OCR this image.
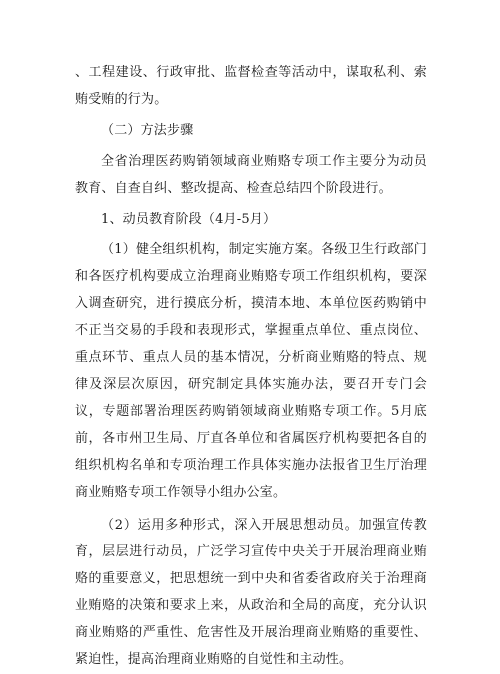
、工程建设、行政审批、监督检查等活动中，谋取私利、索贿受贿的行为。

（二）方法步骤

全省治理医药购销领域商业贿赂专项工作主要分为动员教育、自查自纠、整改提高、检查总结四个阶段进行。

1、动员教育阶段（4月-5月）

（1）健全组织机构，制定实施方案。各级卫生行政部门和各医疗机构要成立治理商业贿赂专项工作组织机构，要深入调查研究，进行摸底分析，摸清本地、本单位医药购销中不正当交易的手段和表现形式，掌握重点单位、重点岗位、重点环节、重点人员的基本情况，分析商业贿赂的特点、规律及深层次原因，研究制定具体实施办法，要召开专门会议，专题部署治理医药购销领域商业贿赂专项工作。5月底前，各市州卫生局、厅直各单位和省属医疗机构要把各自的组织机构名单和专项治理工作具体实施办法报省卫生厅治理商业贿赂专项工作领导小组办公室。

（2）运用多种形式，深入开展思想动员。加强宣传教育，层层进行动员，广泛学习宣传中央关于开展治理商业贿赂的重要意义，把思想统一到中央和省委省政府关于治理商业贿赂的决策和要求上来，从政治和全局的高度，充分认识商业贿赂的严重性、危害性及开展治理商业贿赂的重要性、紧迫性，提高治理商业贿赂的自觉性和主动性。
